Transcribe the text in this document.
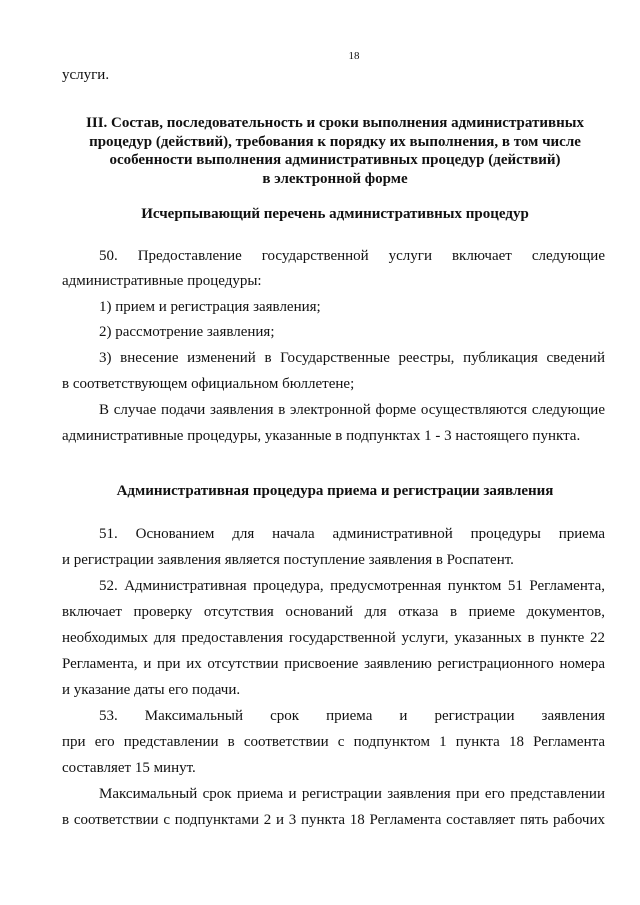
18
услуги.
III. Состав, последовательность и сроки выполнения административных
процедур (действий), требования к порядку их выполнения, в том числе
особенности выполнения административных процедур (действий)
в электронной форме
Исчерпывающий перечень административных процедур
50. Предоставление государственной услуги включает следующие
административные процедуры:
1) прием и регистрация заявления;
2) рассмотрение заявления;
3) внесение изменений в Государственные реестры, публикация сведений
в соответствующем официальном бюллетене;
В случае подачи заявления в электронной форме осуществляются следующие
административные процедуры, указанные в подпунктах 1 - 3 настоящего пункта.
Административная процедура приема и регистрации заявления
51. Основанием для начала административной процедуры приема
и регистрации заявления является поступление заявления в Роспатент.
52. Административная процедура, предусмотренная пунктом 51 Регламента,
включает проверку отсутствия оснований для отказа в приеме документов,
необходимых для предоставления государственной услуги, указанных в пункте 22
Регламента, и при их отсутствии присвоение заявлению регистрационного номера
и указание даты его подачи.
53. Максимальный срок приема и регистрации заявления
при его представлении в соответствии с подпунктом 1 пункта 18 Регламента
составляет 15 минут.
Максимальный срок приема и регистрации заявления при его представлении
в соответствии с подпунктами 2 и 3 пункта 18 Регламента составляет пять рабочих
